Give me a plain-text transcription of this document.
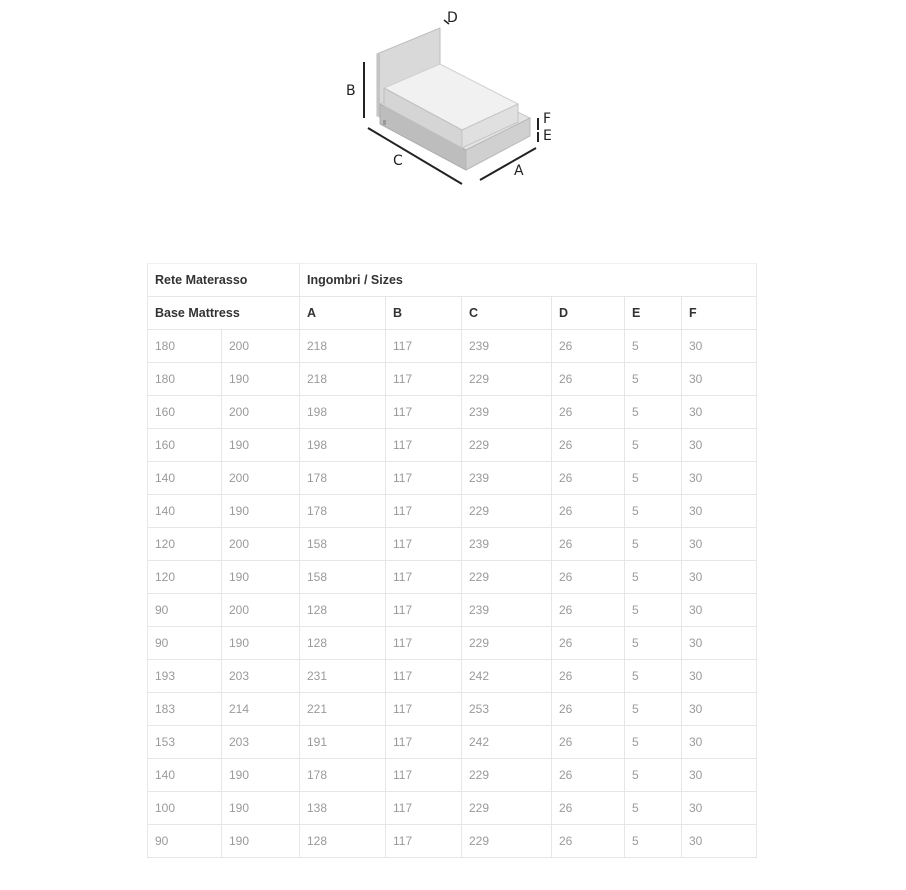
D
B
C
A
F
E
Rete Materasso		Ingombri / Sizes					
Base Mattress		A	B	C	D	E	F
180	200	218	117	239	26	5	30
180	190	218	117	229	26	5	30
160	200	198	117	239	26	5	30
160	190	198	117	229	26	5	30
140	200	178	117	239	26	5	30
140	190	178	117	229	26	5	30
120	200	158	117	239	26	5	30
120	190	158	117	229	26	5	30
90	200	128	117	239	26	5	30
90	190	128	117	229	26	5	30
193	203	231	117	242	26	5	30
183	214	221	117	253	26	5	30
153	203	191	117	242	26	5	30
140	190	178	117	229	26	5	30
100	190	138	117	229	26	5	30
90	190	128	117	229	26	5	30
